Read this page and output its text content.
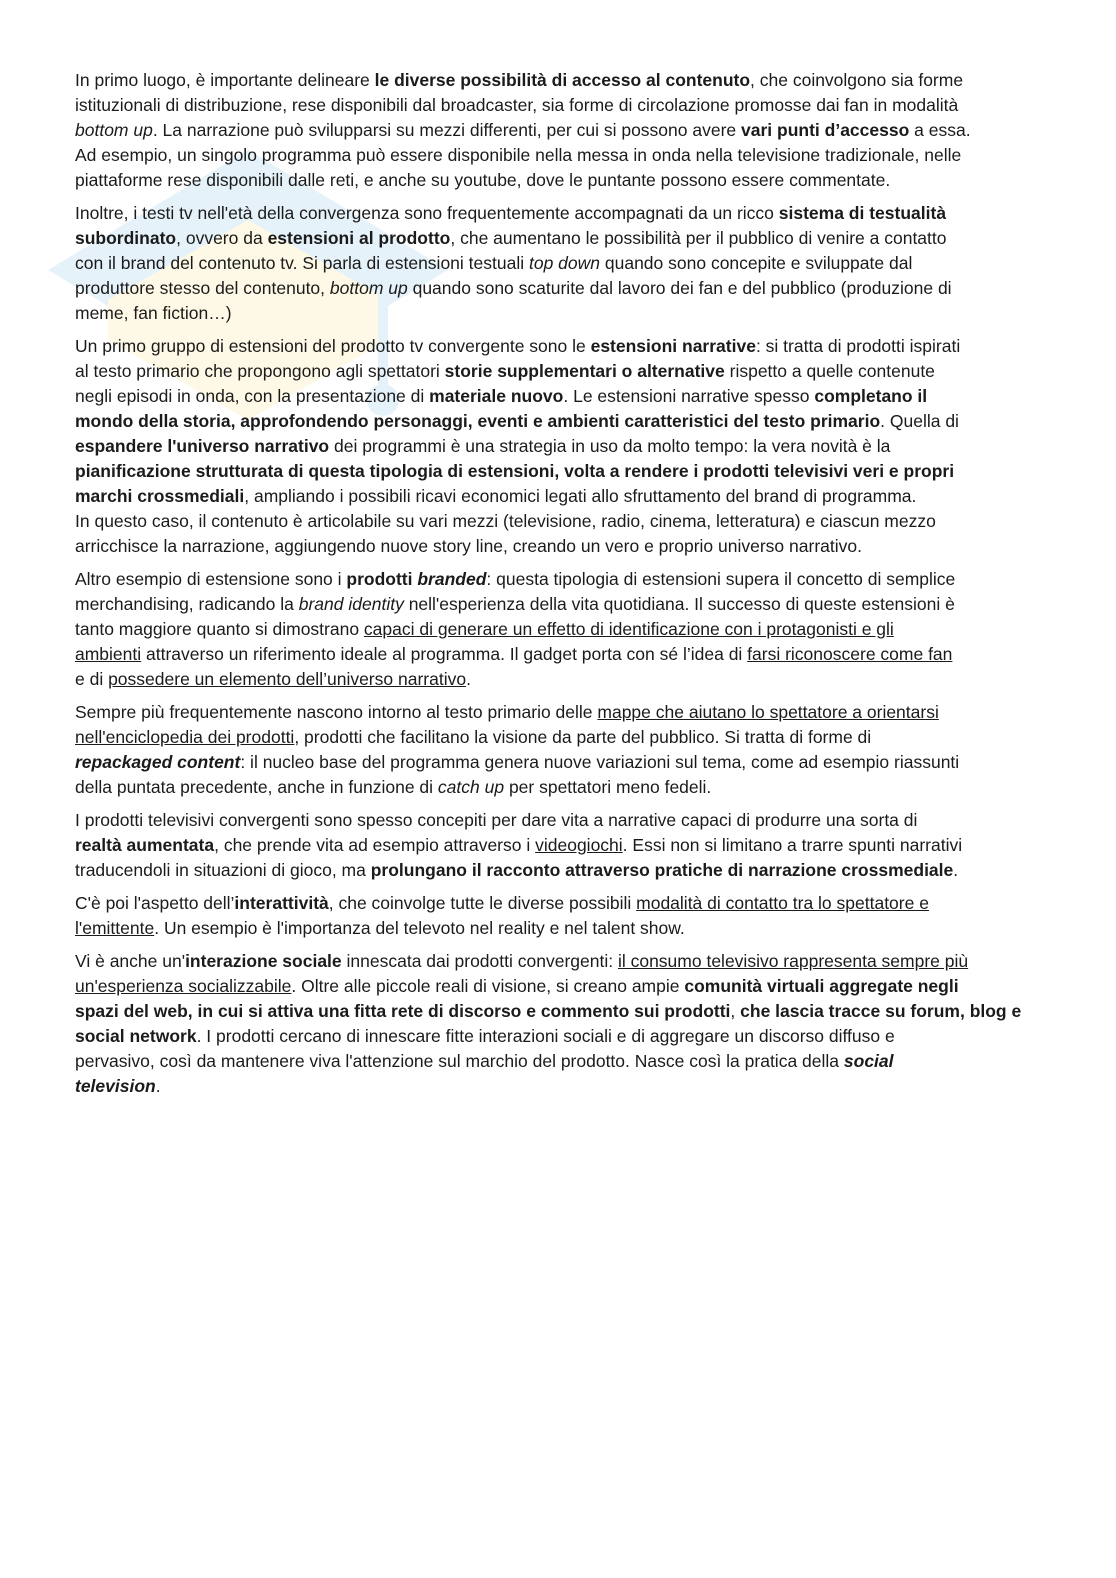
In primo luogo, è importante delineare le diverse possibilità di accesso al contenuto, che coinvolgono sia forme
istituzionali di distribuzione, rese disponibili dal broadcaster, sia forme di circolazione promosse dai fan in modalità
bottom up. La narrazione può svilupparsi su mezzi differenti, per cui si possono avere vari punti d’accesso a essa.
Ad esempio, un singolo programma può essere disponibile nella messa in onda nella televisione tradizionale, nelle
piattaforme rese disponibili dalle reti, e anche su youtube, dove le puntante possono essere commentate.

Inoltre, i testi tv nell'età della convergenza sono frequentemente accompagnati da un ricco sistema di testualità
subordinato, ovvero da estensioni al prodotto, che aumentano le possibilità per il pubblico di venire a contatto
con il brand del contenuto tv. Si parla di estensioni testuali top down quando sono concepite e sviluppate dal
produttore stesso del contenuto, bottom up quando sono scaturite dal lavoro dei fan e del pubblico (produzione di
meme, fan fiction…)

Un primo gruppo di estensioni del prodotto tv convergente sono le estensioni narrative: si tratta di prodotti ispirati
al testo primario che propongono agli spettatori storie supplementari o alternative rispetto a quelle contenute
negli episodi in onda, con la presentazione di materiale nuovo. Le estensioni narrative spesso completano il
mondo della storia, approfondendo personaggi, eventi e ambienti caratteristici del testo primario. Quella di
espandere l'universo narrativo dei programmi è una strategia in uso da molto tempo: la vera novità è la
pianificazione strutturata di questa tipologia di estensioni, volta a rendere i prodotti televisivi veri e propri
marchi crossmediali, ampliando i possibili ricavi economici legati allo sfruttamento del brand di programma.
In questo caso, il contenuto è articolabile su vari mezzi (televisione, radio, cinema, letteratura) e ciascun mezzo
arricchisce la narrazione, aggiungendo nuove story line, creando un vero e proprio universo narrativo.

Altro esempio di estensione sono i prodotti branded: questa tipologia di estensioni supera il concetto di semplice
merchandising, radicando la brand identity nell'esperienza della vita quotidiana. Il successo di queste estensioni è
tanto maggiore quanto si dimostrano capaci di generare un effetto di identificazione con i protagonisti e gli
ambienti attraverso un riferimento ideale al programma. Il gadget porta con sé l’idea di farsi riconoscere come fan
e di possedere un elemento dell’universo narrativo.

Sempre più frequentemente nascono intorno al testo primario delle mappe che aiutano lo spettatore a orientarsi
nell'enciclopedia dei prodotti, prodotti che facilitano la visione da parte del pubblico. Si tratta di forme di
repackaged content: il nucleo base del programma genera nuove variazioni sul tema, come ad esempio riassunti
della puntata precedente, anche in funzione di catch up per spettatori meno fedeli.

I prodotti televisivi convergenti sono spesso concepiti per dare vita a narrative capaci di produrre una sorta di
realtà aumentata, che prende vita ad esempio attraverso i videogiochi. Essi non si limitano a trarre spunti narrativi
traducendoli in situazioni di gioco, ma prolungano il racconto attraverso pratiche di narrazione crossmediale.

C'è poi l'aspetto dell’interattività, che coinvolge tutte le diverse possibili modalità di contatto tra lo spettatore e
l'emittente. Un esempio è l'importanza del televoto nel reality e nel talent show.

Vi è anche un'interazione sociale innescata dai prodotti convergenti: il consumo televisivo rappresenta sempre più
un'esperienza socializzabile. Oltre alle piccole reali di visione, si creano ampie comunità virtuali aggregate negli
spazi del web, in cui si attiva una fitta rete di discorso e commento sui prodotti, che lascia tracce su forum, blog e
social network. I prodotti cercano di innescare fitte interazioni sociali e di aggregare un discorso diffuso e
pervasivo, così da mantenere viva l'attenzione sul marchio del prodotto. Nasce così la pratica della social
television.
